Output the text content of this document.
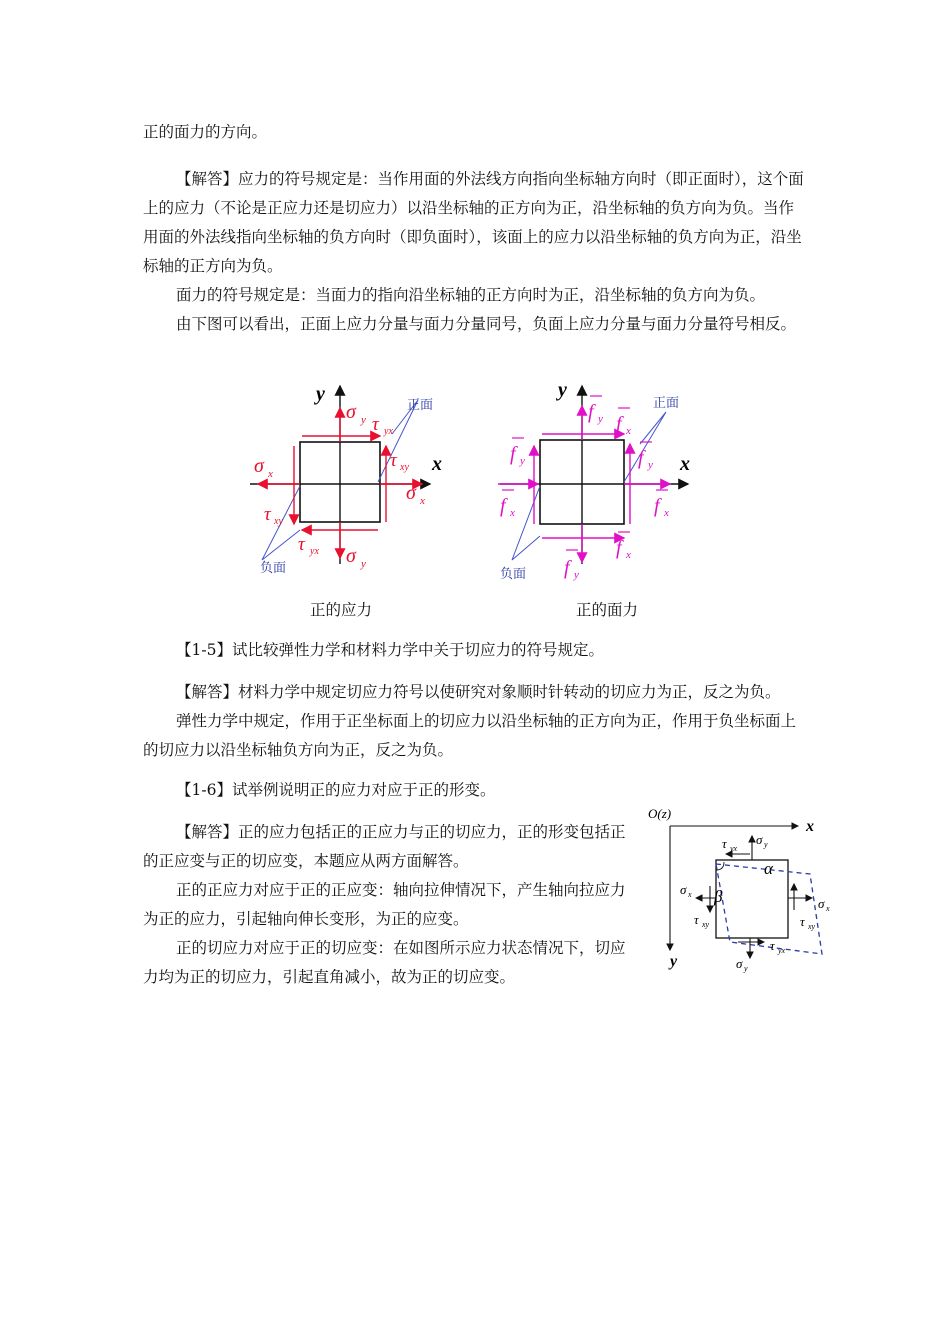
正的面力的方向。

【解答】应力的符号规定是：当作用面的外法线方向指向坐标轴方向时（即正面时），这个面上的应力（不论是正应力还是切应力）以沿坐标轴的正方向为正，沿坐标轴的负方向为负。当作用面的外法线指向坐标轴的负方向时（即负面时），该面上的应力以沿坐标轴的负方向为正，沿坐标轴的正方向为负。

面力的符号规定是：当面力的指向沿坐标轴的正方向时为正，沿坐标轴的负方向为负。

由下图可以看出，正面上应力分量与面力分量同号，负面上应力分量与面力分量符号相反。

y
x
正面
负面
σ y τ yx
σ x
τ xy
σ x
τ xy
σ y
τ yx
y
x
正面
负面
f y f x
f y
f x
f y
f x
f x
f y
正的应力	正的面力

【1-5】试比较弹性力学和材料力学中关于切应力的符号规定。

【解答】材料力学中规定切应力符号以使研究对象顺时针转动的切应力为正，反之为负。

弹性力学中规定，作用于正坐标面上的切应力以沿坐标轴的正方向为正，作用于负坐标面上的切应力以沿坐标轴负方向为正，反之为负。

【1-6】试举例说明正的应力对应于正的形变。

【解答】正的应力包括正的正应力与正的切应力，正的形变包括正的正应变与正的切应变，本题应从两方面解答。

正的正应力对应于正的正应变：轴向拉伸情况下，产生轴向拉应力为正的应力，引起轴向伸长变形，为正的应变。

正的切应力对应于正的切应变：在如图所示应力状态情况下，切应力均为正的切应力，引起直角减小，故为正的切应变。

O(z)
x
y
α
β
σ y
τ yx
σ x
τ xy
σ x
τ xy
σ y
τ yx
